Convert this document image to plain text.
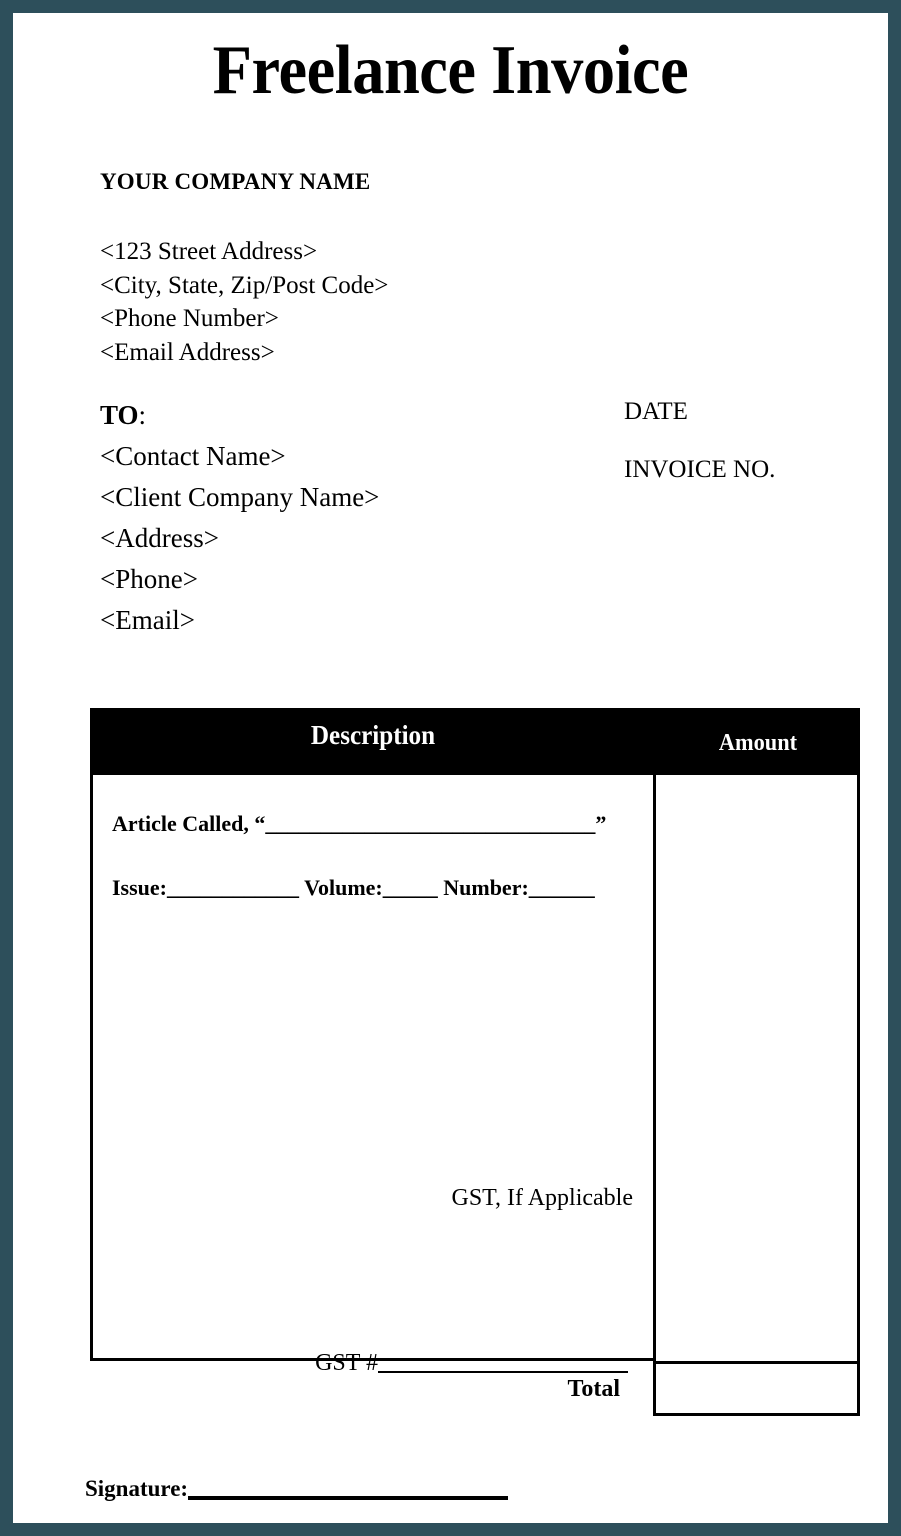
Freelance Invoice
YOUR COMPANY NAME
<123 Street Address>
<City, State, Zip/Post Code>
<Phone Number>
<Email Address>
TO:
<Contact Name>
<Client Company Name>
<Address>
<Phone>
<Email>
DATE
INVOICE NO.
Description	Amount
Article Called, “______________________________”
Issue:____________ Volume:_____ Number:______
GST, If Applicable
GST #
Total
Signature:
